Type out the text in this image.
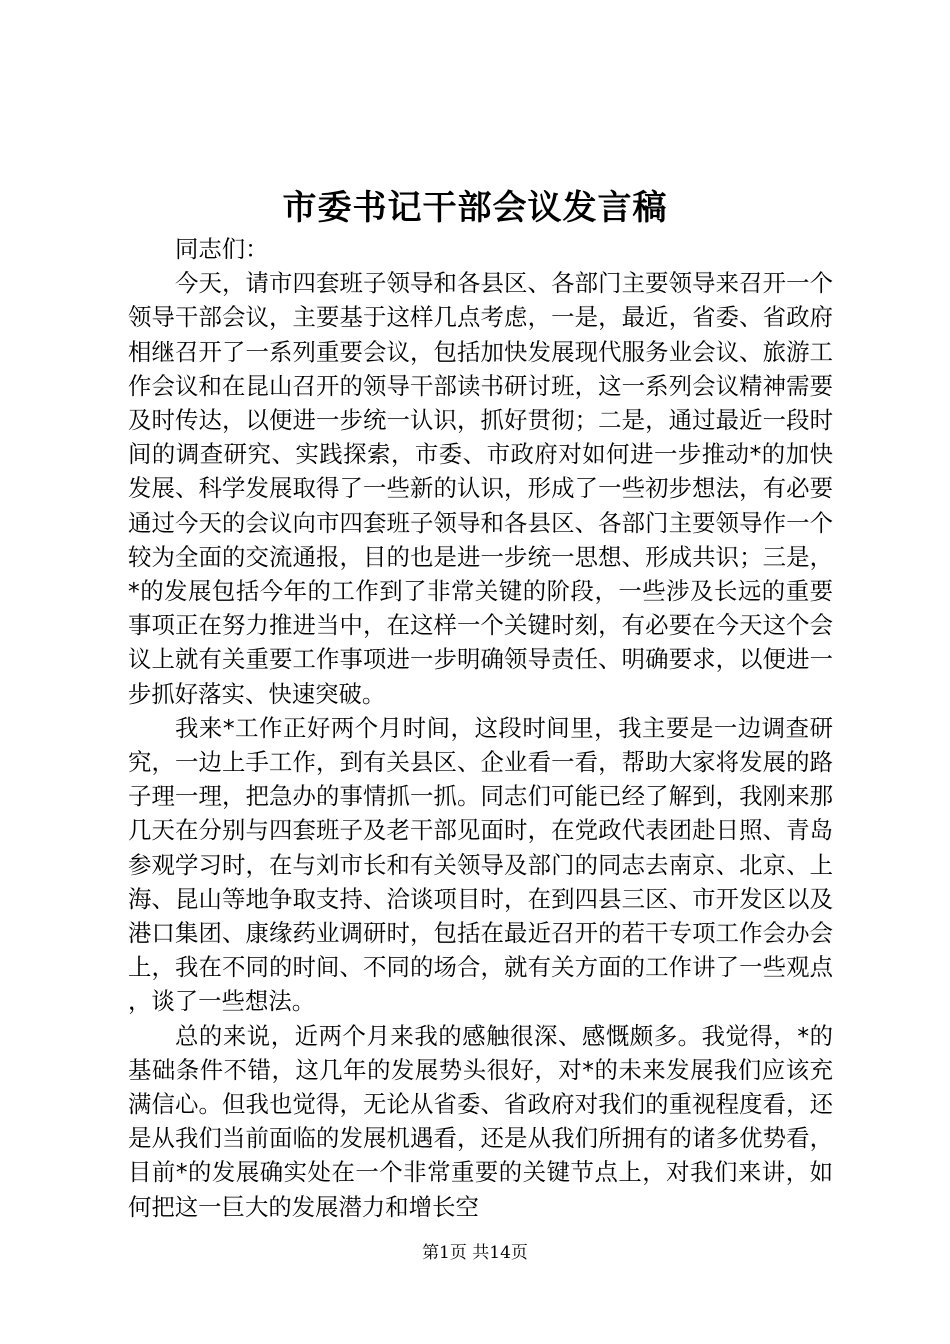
市委书记干部会议发言稿

同志们：

今天，请市四套班子领导和各县区、各部门主要领导来召开一个领导干部会议，主要基于这样几点考虑，一是，最近，省委、省政府相继召开了一系列重要会议，包括加快发展现代服务业会议、旅游工作会议和在昆山召开的领导干部读书研讨班，这一系列会议精神需要及时传达，以便进一步统一认识，抓好贯彻；二是，通过最近一段时间的调查研究、实践探索，市委、市政府对如何进一步推动*的加快发展、科学发展取得了一些新的认识，形成了一些初步想法，有必要通过今天的会议向市四套班子领导和各县区、各部门主要领导作一个较为全面的交流通报，目的也是进一步统一思想、形成共识；三是，*的发展包括今年的工作到了非常关键的阶段，一些涉及长远的重要事项正在努力推进当中，在这样一个关键时刻，有必要在今天这个会议上就有关重要工作事项进一步明确领导责任、明确要求，以便进一步抓好落实、快速突破。

我来*工作正好两个月时间，这段时间里，我主要是一边调查研究，一边上手工作，到有关县区、企业看一看，帮助大家将发展的路子理一理，把急办的事情抓一抓。同志们可能已经了解到，我刚来那几天在分别与四套班子及老干部见面时，在党政代表团赴日照、青岛参观学习时，在与刘市长和有关领导及部门的同志去南京、北京、上海、昆山等地争取支持、洽谈项目时，在到四县三区、市开发区以及港口集团、康缘药业调研时，包括在最近召开的若干专项工作会办会上，我在不同的时间、不同的场合，就有关方面的工作讲了一些观点，谈了一些想法。

总的来说，近两个月来我的感触很深、感慨颇多。我觉得，*的基础条件不错，这几年的发展势头很好，对*的未来发展我们应该充满信心。但我也觉得，无论从省委、省政府对我们的重视程度看，还是从我们当前面临的发展机遇看，还是从我们所拥有的诸多优势看，目前*的发展确实处在一个非常重要的关键节点上，对我们来讲，如何把这一巨大的发展潜力和增长空

第1页 共14页
